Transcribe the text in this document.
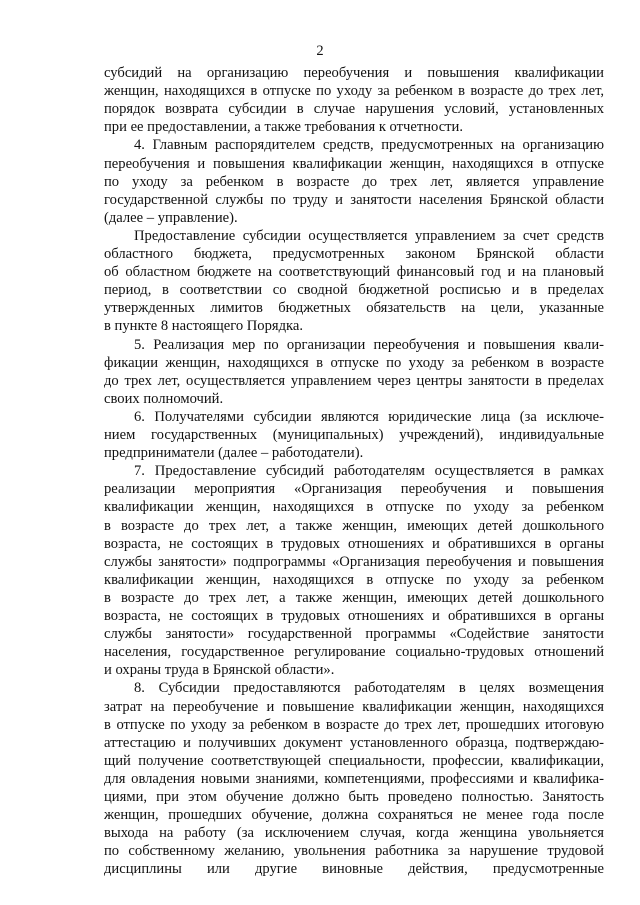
2
субсидий на организацию переобучения и повышения квалификации
женщин, находящихся в отпуске по уходу за ребенком в возрасте до трех лет,
порядок возврата субсидии в случае нарушения условий, установленных
при ее предоставлении, а также требования к отчетности.
4. Главным распорядителем средств, предусмотренных на организацию
переобучения и повышения квалификации женщин, находящихся в отпуске
по уходу за ребенком в возрасте до трех лет, является управление
государственной службы по труду и занятости населения Брянской области
(далее – управление).
Предоставление субсидии осуществляется управлением за счет средств
областного бюджета, предусмотренных законом Брянской области
об областном бюджете на соответствующий финансовый год и на плановый
период, в соответствии со сводной бюджетной росписью и в пределах
утвержденных лимитов бюджетных обязательств на цели, указанные
в пункте 8 настоящего Порядка.
5. Реализация мер по организации переобучения и повышения квали-
фикации женщин, находящихся в отпуске по уходу за ребенком в возрасте
до трех лет, осуществляется управлением через центры занятости в пределах
своих полномочий.
6. Получателями субсидии являются юридические лица (за исключе-
нием государственных (муниципальных) учреждений), индивидуальные
предприниматели (далее – работодатели).
7. Предоставление субсидий работодателям осуществляется в рамках
реализации мероприятия «Организация переобучения и повышения
квалификации женщин, находящихся в отпуске по уходу за ребенком
в возрасте до трех лет, а также женщин, имеющих детей дошкольного
возраста, не состоящих в трудовых отношениях и обратившихся в органы
службы занятости» подпрограммы «Организация переобучения и повышения
квалификации женщин, находящихся в отпуске по уходу за ребенком
в возрасте до трех лет, а также женщин, имеющих детей дошкольного
возраста, не состоящих в трудовых отношениях и обратившихся в органы
службы занятости» государственной программы «Содействие занятости
населения, государственное регулирование социально-трудовых отношений
и охраны труда в Брянской области».
8. Субсидии предоставляются работодателям в целях возмещения
затрат на переобучение и повышение квалификации женщин, находящихся
в отпуске по уходу за ребенком в возрасте до трех лет, прошедших итоговую
аттестацию и получивших документ установленного образца, подтверждаю-
щий получение соответствующей специальности, профессии, квалификации,
для овладения новыми знаниями, компетенциями, профессиями и квалифика-
циями, при этом обучение должно быть проведено полностью. Занятость
женщин, прошедших обучение, должна сохраняться не менее года после
выхода на работу (за исключением случая, когда женщина увольняется
по собственному желанию, увольнения работника за нарушение трудовой
дисциплины или другие виновные действия, предусмотренные
